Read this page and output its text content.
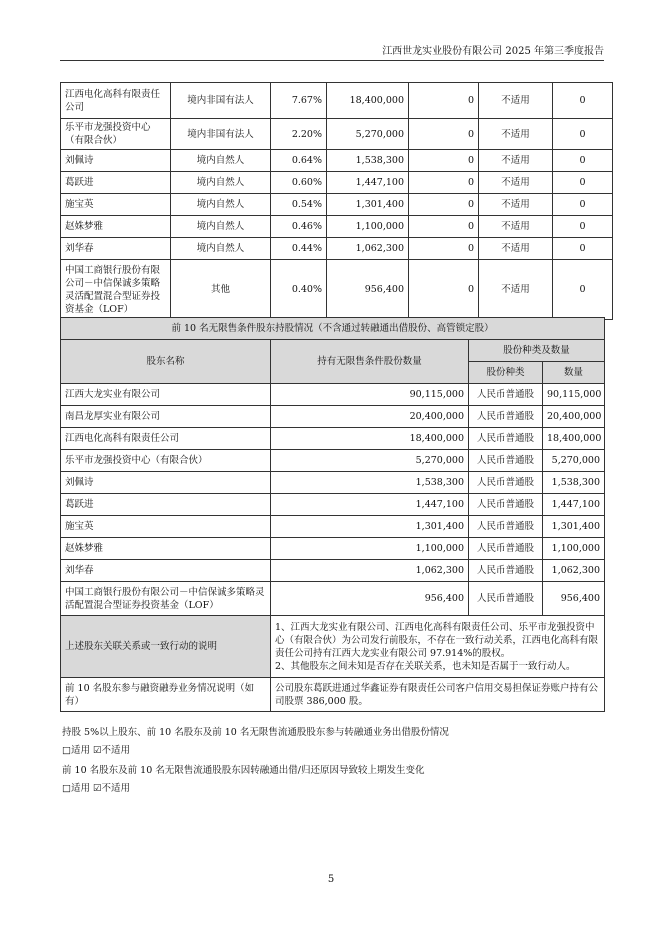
江西世龙实业股份有限公司 2025 年第三季度报告
江西电化高科有限责任公司	境内非国有法人	7.67%	18,400,000	0	不适用	0
乐平市龙强投资中心（有限合伙）	境内非国有法人	2.20%	5,270,000	0	不适用	0
刘佩诗	境内自然人	0.64%	1,538,300	0	不适用	0
葛跃进	境内自然人	0.60%	1,447,100	0	不适用	0
施宝英	境内自然人	0.54%	1,301,400	0	不适用	0
赵姝梦雅	境内自然人	0.46%	1,100,000	0	不适用	0
刘华春	境内自然人	0.44%	1,062,300	0	不适用	0
中国工商银行股份有限公司－中信保诚多策略灵活配置混合型证券投资基金（LOF）	其他	0.40%	956,400	0	不适用	0
前 10 名无限售条件股东持股情况（不含通过转融通出借股份、高管锁定股）			
股东名称	持有无限售条件股份数量	股份种类及数量	
		股份种类	数量
江西大龙实业有限公司	90,115,000	人民币普通股	90,115,000
南昌龙厚实业有限公司	20,400,000	人民币普通股	20,400,000
江西电化高科有限责任公司	18,400,000	人民币普通股	18,400,000
乐平市龙强投资中心（有限合伙）	5,270,000	人民币普通股	5,270,000
刘佩诗	1,538,300	人民币普通股	1,538,300
葛跃进	1,447,100	人民币普通股	1,447,100
施宝英	1,301,400	人民币普通股	1,301,400
赵姝梦雅	1,100,000	人民币普通股	1,100,000
刘华春	1,062,300	人民币普通股	1,062,300
中国工商银行股份有限公司－中信保诚多策略灵活配置混合型证券投资基金（LOF）	956,400	人民币普通股	956,400
上述股东关联关系或一致行动的说明	1、江西大龙实业有限公司、江西电化高科有限责任公司、乐平市龙强投资中心（有限合伙）为公司发行前股东，不存在一致行动关系，江西电化高科有限责任公司持有江西大龙实业有限公司 97.914%的股权。
2、其他股东之间未知是否存在关联关系，也未知是否属于一致行动人。		

前 10 名股东参与融资融券业务情况说明（如有）	公司股东葛跃进通过华鑫证券有限责任公司客户信用交易担保证券账户持有公司股票 386,000 股。		
持股 5%以上股东、前 10 名股东及前 10 名无限售流通股股东参与转融通业务出借股份情况
□适用 ☑不适用
前 10 名股东及前 10 名无限售流通股股东因转融通出借/归还原因导致较上期发生变化
□适用 ☑不适用
5
